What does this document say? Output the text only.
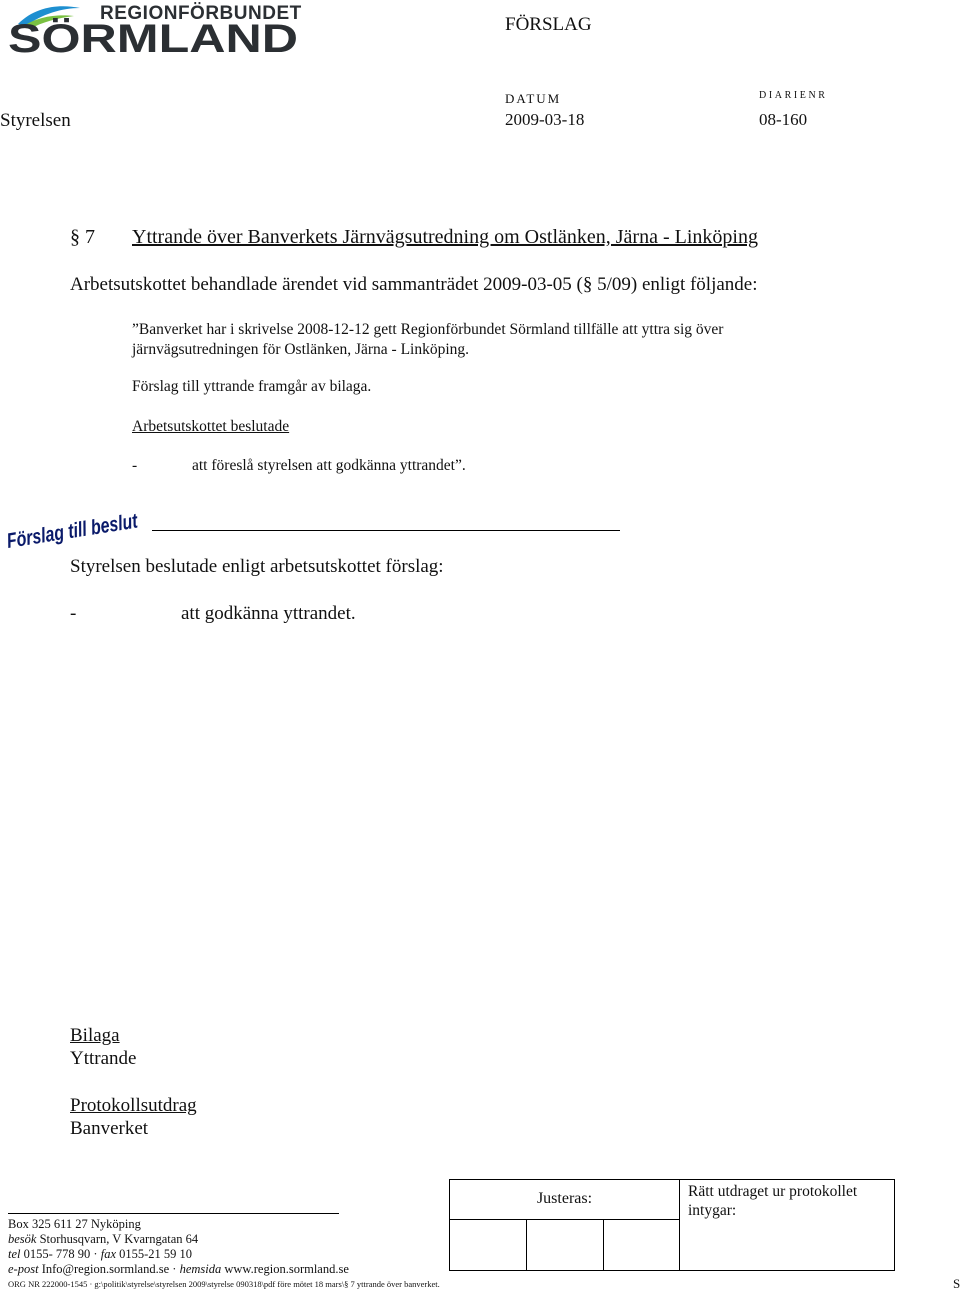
REGIONFÖRBUNDET
SÖRMLAND	FÖRSLAG
DATUM	DIARIENR
Styrelsen	2009-03-18	08-160
§ 7 Yttrande över Banverkets Järnvägsutredning om Ostlänken, Järna - Linköping
Arbetsutskottet behandlade ärendet vid sammanträdet 2009-03-05 (§ 5/09) enligt följande:
”Banverket har i skrivelse 2008-12-12 gett Regionförbundet Sörmland tillfälle att yttra sig över järnvägsutredningen för Ostlänken, Järna - Linköping.
Förslag till yttrande framgår av bilaga.
Arbetsutskottet beslutade
-	att föreslå styrelsen att godkänna yttrandet”.
Förslag till beslut
Styrelsen beslutade enligt arbetsutskottet förslag:
-	att godkänna yttrandet.
Bilaga
Yttrande
Protokollsutdrag
Banverket
Box 325 611 27 Nyköping
besök Storhusqvarn, V Kvarngatan 64
tel 0155- 778 90 · fax 0155-21 59 10
e-post Info@region.sormland.se · hemsida www.region.sormland.se
ORG NR 222000-1545 · g:\politik\styrelse\styrelsen 2009\styrelse 090318\pdf före mötet 18 mars\§ 7 yttrande över banverket.	S
Justeras:	Rätt utdraget ur protokollet intygar:
